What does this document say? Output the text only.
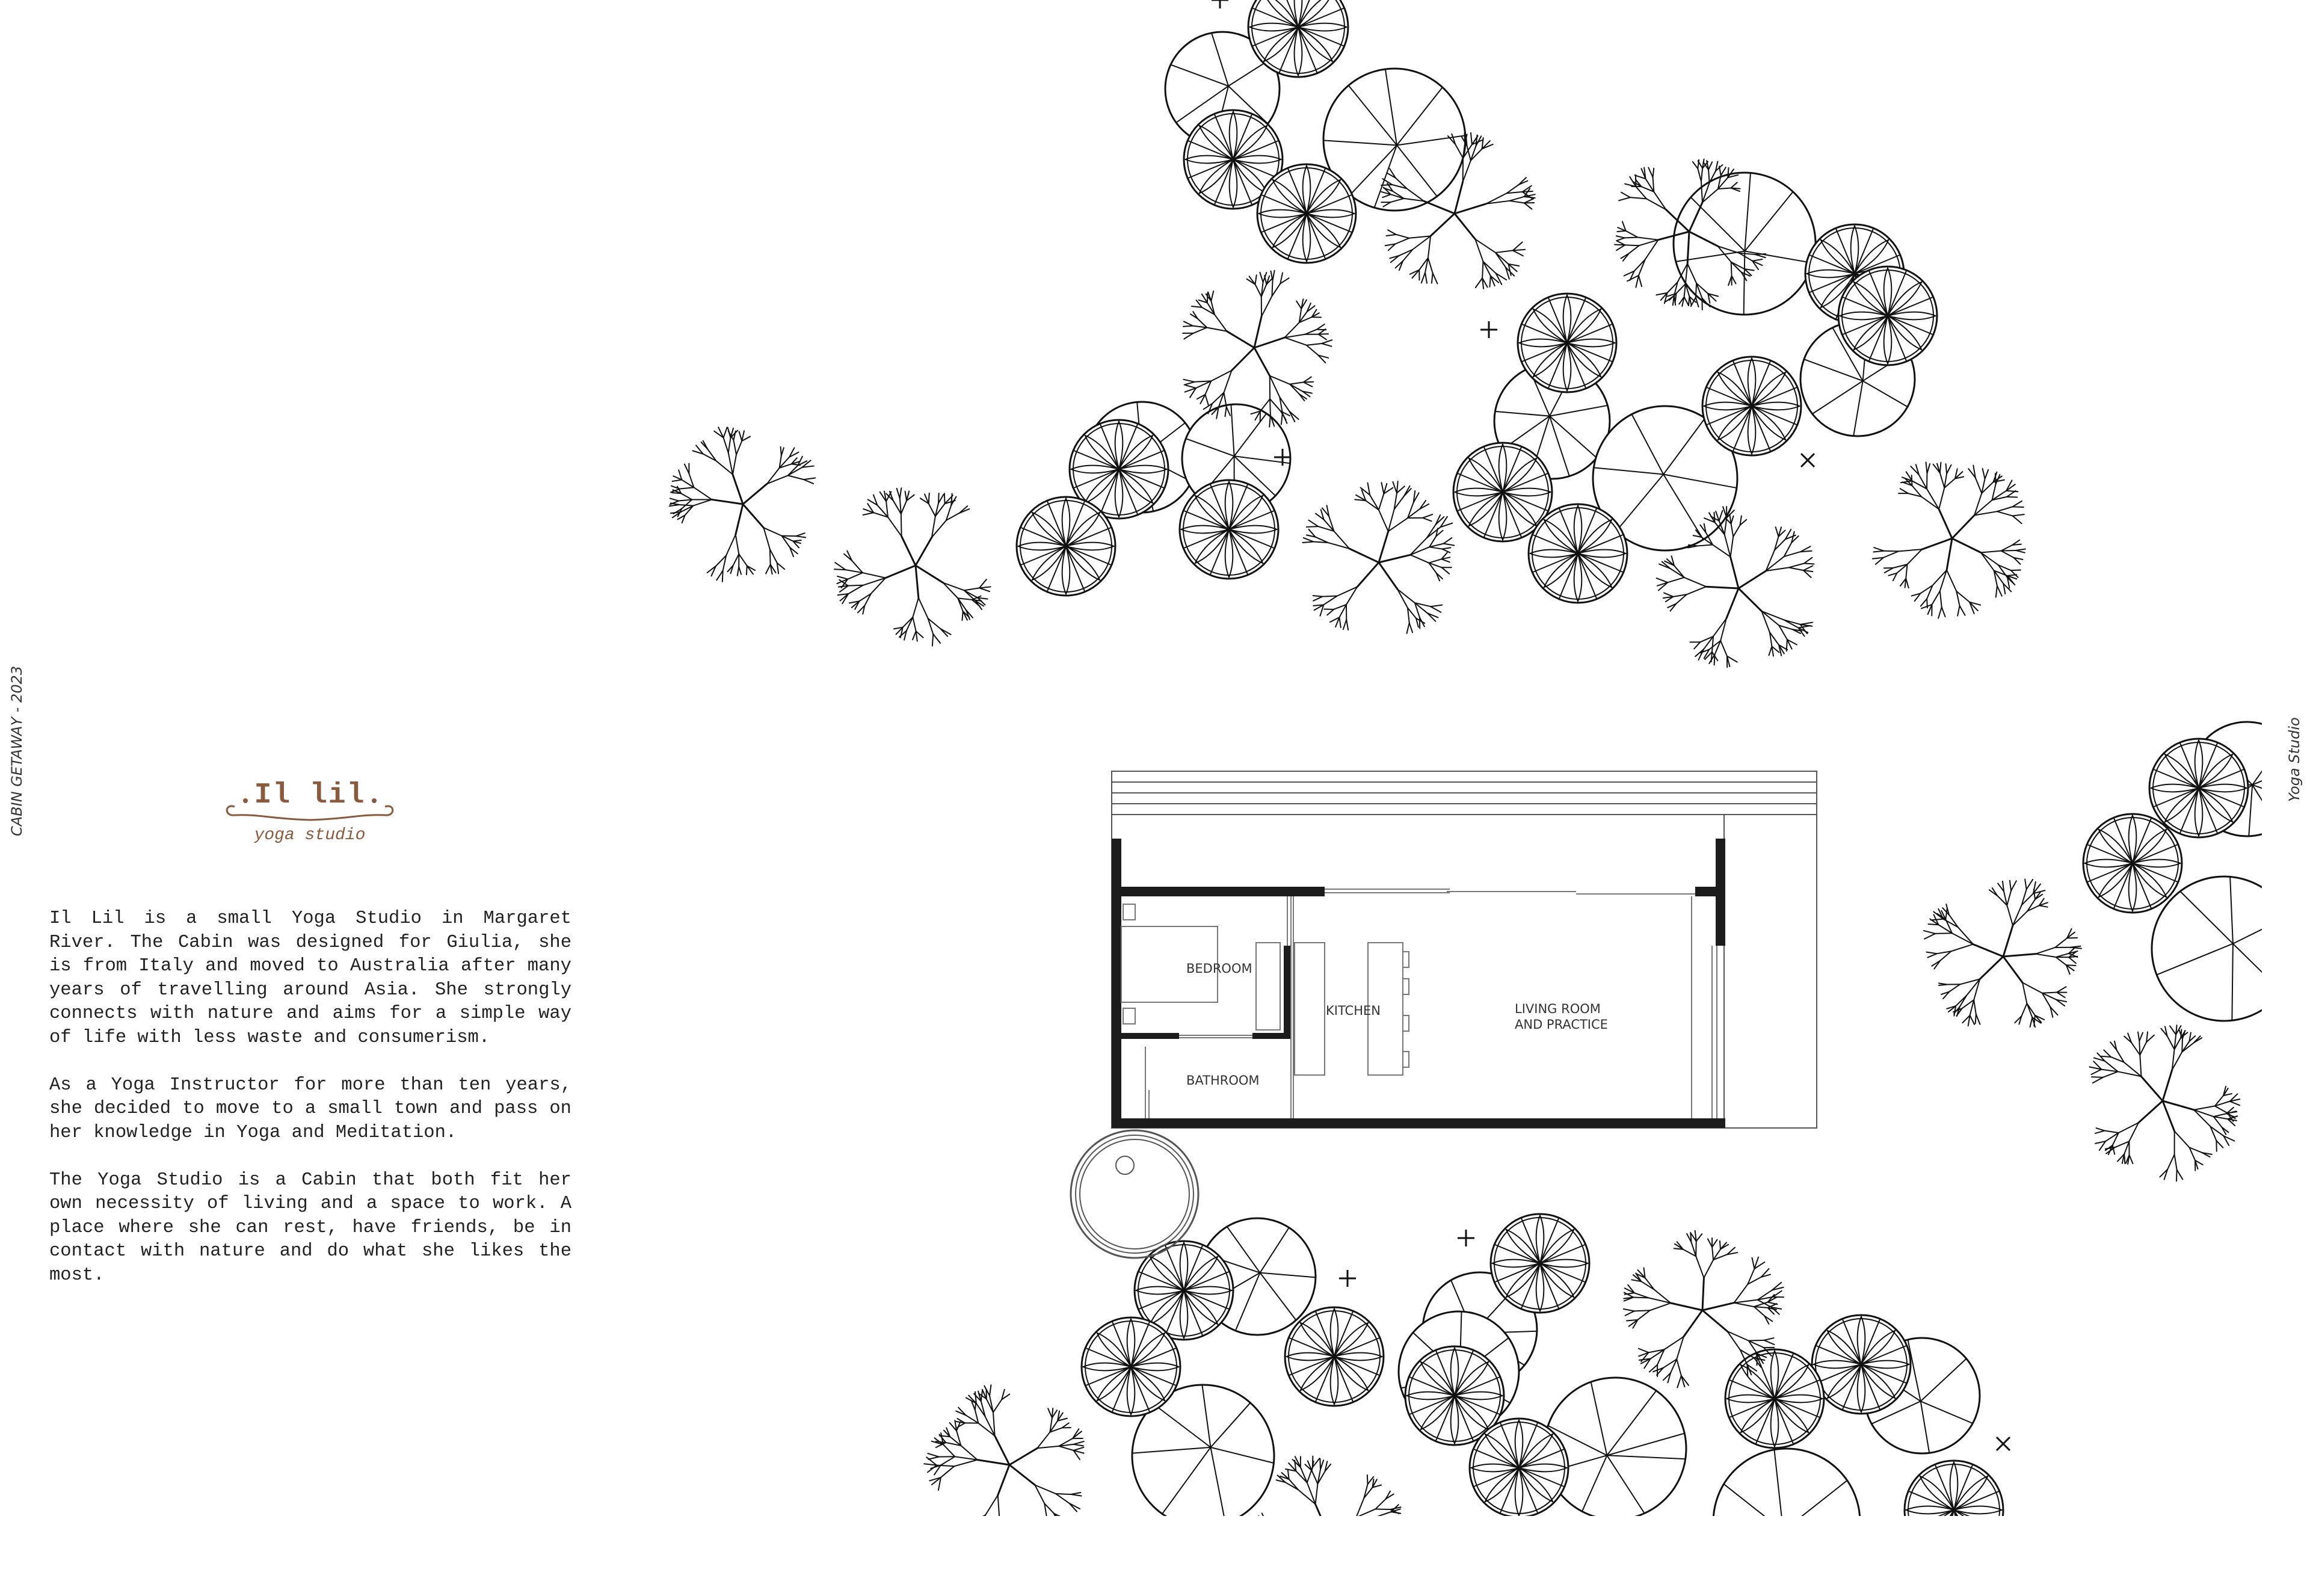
BEDROOM
BATHROOM
KITCHEN	LIVING ROOM
AND PRACTICE
CABIN GETAWAY - 2023	Yoga Studio
Il lil
yoga studio

Il Lil is a small Yoga Studio in Margaret River. The Cabin was designed for Giulia, she is from Italy and moved to Australia after many years of travelling around Asia. She strongly connects with nature and aims for a simple way of life with less waste and consumerism.

As a Yoga Instructor for more than ten years, she decided to move to a small town and pass on her knowledge in Yoga and Meditation.

The Yoga Studio is a Cabin that both fit her own necessity of living and a space to work. A place where she can rest, have friends, be in contact with nature and do what she likes the most.
